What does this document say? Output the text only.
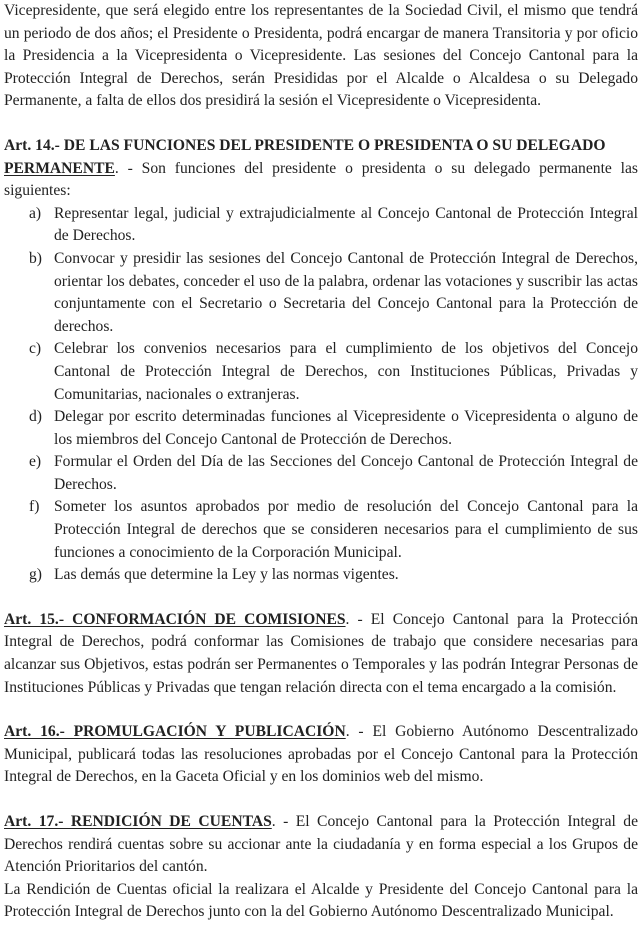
Vicepresidente, que será elegido entre los representantes de la Sociedad Civil, el mismo que tendrá un periodo de dos años; el Presidente o Presidenta, podrá encargar de manera Transitoria y por oficio la Presidencia a la Vicepresidenta o Vicepresidente. Las sesiones del Concejo Cantonal para la Protección Integral de Derechos, serán Presididas por el Alcalde o Alcaldesa o su Delegado Permanente, a falta de ellos dos presidirá la sesión el Vicepresidente o Vicepresidenta.

Art. 14.- DE LAS FUNCIONES DEL PRESIDENTE O PRESIDENTA O SU DELEGADO
PERMANENTE. - Son funciones del presidente o presidenta o su delegado permanente las siguientes:

a) Representar legal, judicial y extrajudicialmente al Concejo Cantonal de Protección Integral de Derechos.
b) Convocar y presidir las sesiones del Concejo Cantonal de Protección Integral de Derechos, orientar los debates, conceder el uso de la palabra, ordenar las votaciones y suscribir las actas conjuntamente con el Secretario o Secretaria del Concejo Cantonal para la Protección de derechos.
c) Celebrar los convenios necesarios para el cumplimiento de los objetivos del Concejo Cantonal de Protección Integral de Derechos, con Instituciones Públicas, Privadas y Comunitarias, nacionales o extranjeras.
d) Delegar por escrito determinadas funciones al Vicepresidente o Vicepresidenta o alguno de los miembros del Concejo Cantonal de Protección de Derechos.
e) Formular el Orden del Día de las Secciones del Concejo Cantonal de Protección Integral de Derechos.
f) Someter los asuntos aprobados por medio de resolución del Concejo Cantonal para la Protección Integral de derechos que se consideren necesarios para el cumplimiento de sus funciones a conocimiento de la Corporación Municipal.
g) Las demás que determine la Ley y las normas vigentes.

Art. 15.- CONFORMACIÓN DE COMISIONES. - El Concejo Cantonal para la Protección Integral de Derechos, podrá conformar las Comisiones de trabajo que considere necesarias para alcanzar sus Objetivos, estas podrán ser Permanentes o Temporales y las podrán Integrar Personas de Instituciones Públicas y Privadas que tengan relación directa con el tema encargado a la comisión.

Art. 16.- PROMULGACIÓN Y PUBLICACIÓN. - El Gobierno Autónomo Descentralizado Municipal, publicará todas las resoluciones aprobadas por el Concejo Cantonal para la Protección Integral de Derechos, en la Gaceta Oficial y en los dominios web del mismo.

Art. 17.- RENDICIÓN DE CUENTAS. - El Concejo Cantonal para la Protección Integral de Derechos rendirá cuentas sobre su accionar ante la ciudadanía y en forma especial a los Grupos de Atención Prioritarios del cantón.

La Rendición de Cuentas oficial la realizara el Alcalde y Presidente del Concejo Cantonal para la Protección Integral de Derechos junto con la del Gobierno Autónomo Descentralizado Municipal.
